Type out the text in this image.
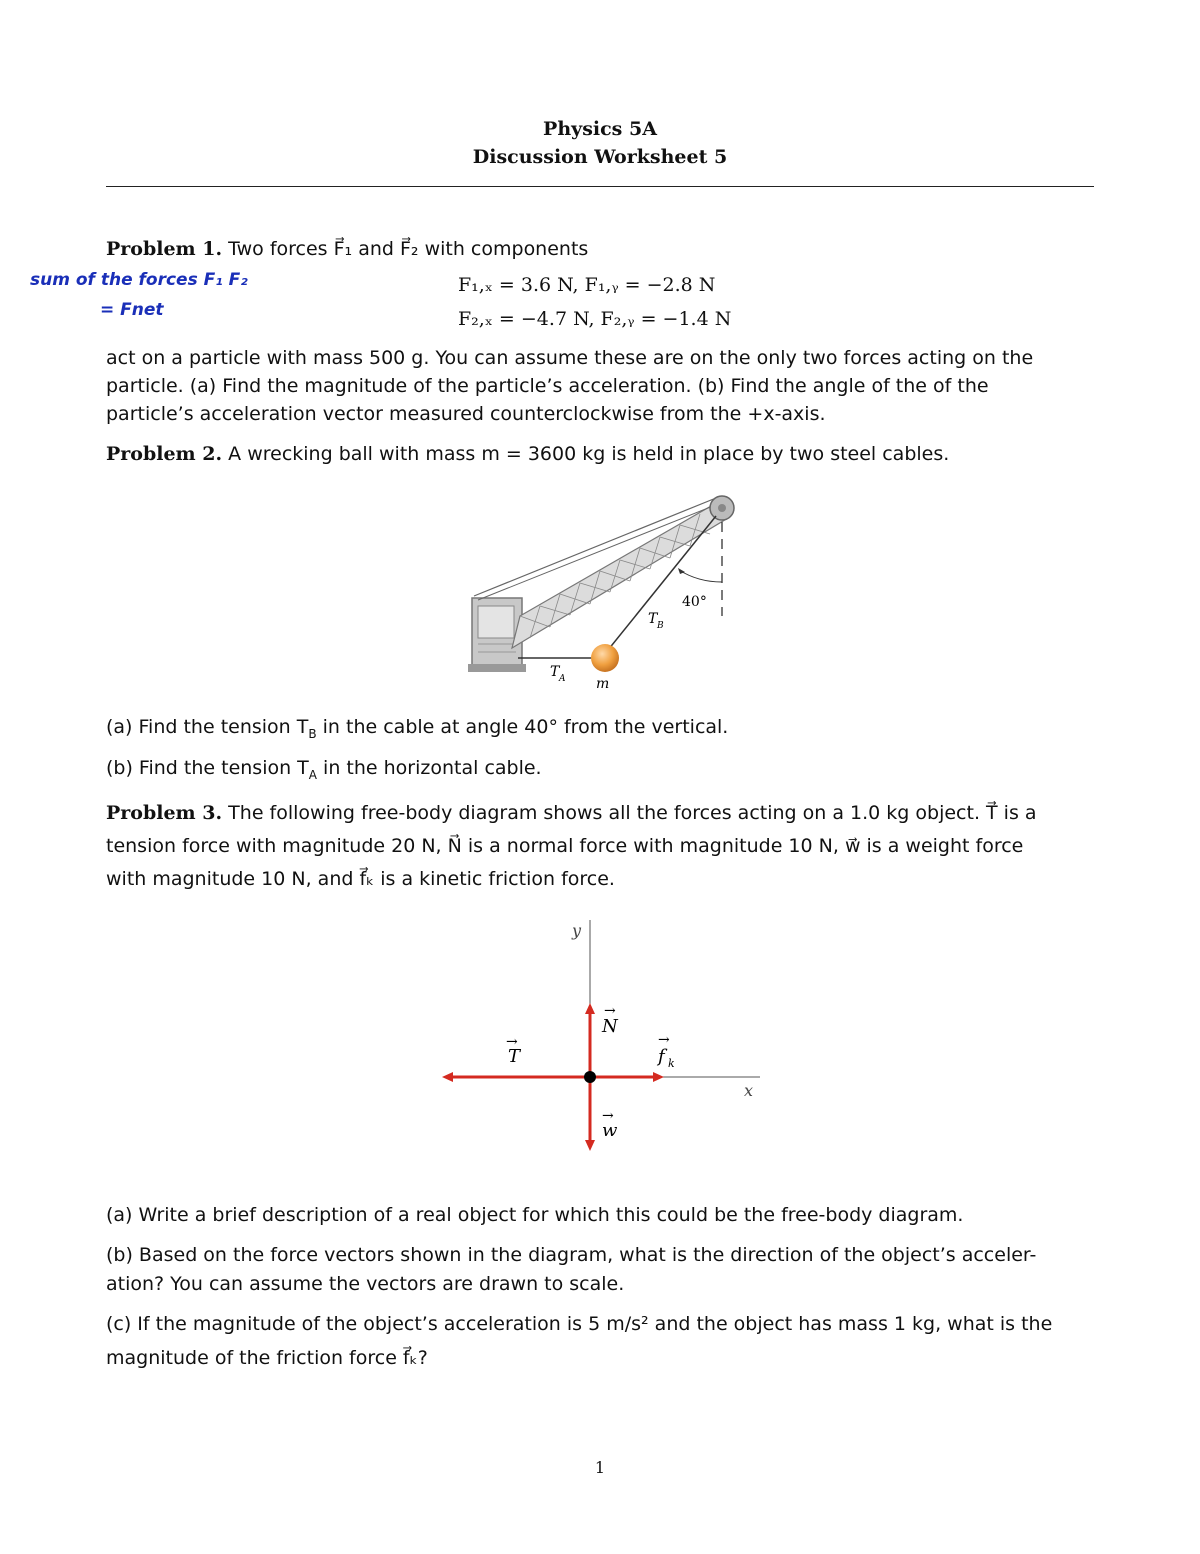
Physics 5A
Discussion Worksheet 5
sum of the forces F₁ F₂
= Fnet
Problem 1. Two forces F⃗₁ and F⃗₂ with components
F₁,ₓ = 3.6 N, F₁,ᵧ = −2.8 N
F₂,ₓ = −4.7 N, F₂,ᵧ = −1.4 N
act on a particle with mass 500 g. You can assume these are on the only two forces acting on the
particle. (a) Find the magnitude of the particle’s acceleration. (b) Find the angle of the of the
particle’s acceleration vector measured counterclockwise from the +x-axis.
Problem 2. A wrecking ball with mass m = 3600 kg is held in place by two steel cables.
40°
T B
T A m
(a) Find the tension $T_B$ in the cable at angle 40° from the vertical.
(b) Find the tension $T_A$ in the horizontal cable.
Problem 3. The following free-body diagram shows all the forces acting on a 1.0 kg object. T⃗ is a
tension force with magnitude 20 N, N⃗ is a normal force with magnitude 10 N, w⃗ is a weight force
with magnitude 10 N, and f⃗ₖ is a kinetic friction force.
y
x
N
→
T
→
f k
→
w
→
(a) Write a brief description of a real object for which this could be the free-body diagram.
(b) Based on the force vectors shown in the diagram, what is the direction of the object’s acceler-
ation? You can assume the vectors are drawn to scale.
(c) If the magnitude of the object’s acceleration is 5 m/s² and the object has mass 1 kg, what is the
magnitude of the friction force f⃗ₖ?
1
